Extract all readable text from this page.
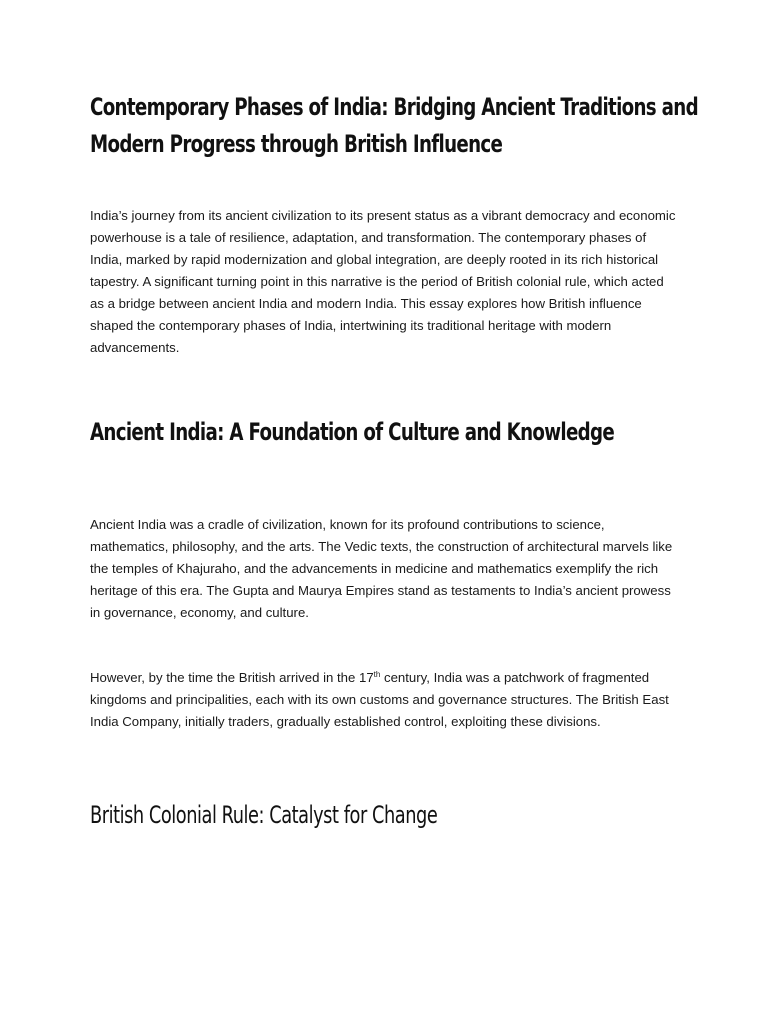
Contemporary Phases of India: Bridging Ancient Traditions and
Modern Progress through British Influence

India’s journey from its ancient civilization to its present status as a vibrant democracy and economic powerhouse is a tale of resilience, adaptation, and transformation. The contemporary phases of India, marked by rapid modernization and global integration, are deeply rooted in its rich historical tapestry. A significant turning point in this narrative is the period of British colonial rule, which acted as a bridge between ancient India and modern India. This essay explores how British influence shaped the contemporary phases of India, intertwining its traditional heritage with modern advancements.

Ancient India: A Foundation of Culture and Knowledge

Ancient India was a cradle of civilization, known for its profound contributions to science, mathematics, philosophy, and the arts. The Vedic texts, the construction of architectural marvels like the temples of Khajuraho, and the advancements in medicine and mathematics exemplify the rich heritage of this era. The Gupta and Maurya Empires stand as testaments to India’s ancient prowess in governance, economy, and culture.

However, by the time the British arrived in the 17th century, India was a patchwork of fragmented kingdoms and principalities, each with its own customs and governance structures. The British East India Company, initially traders, gradually established control, exploiting these divisions.

British Colonial Rule: Catalyst for Change
